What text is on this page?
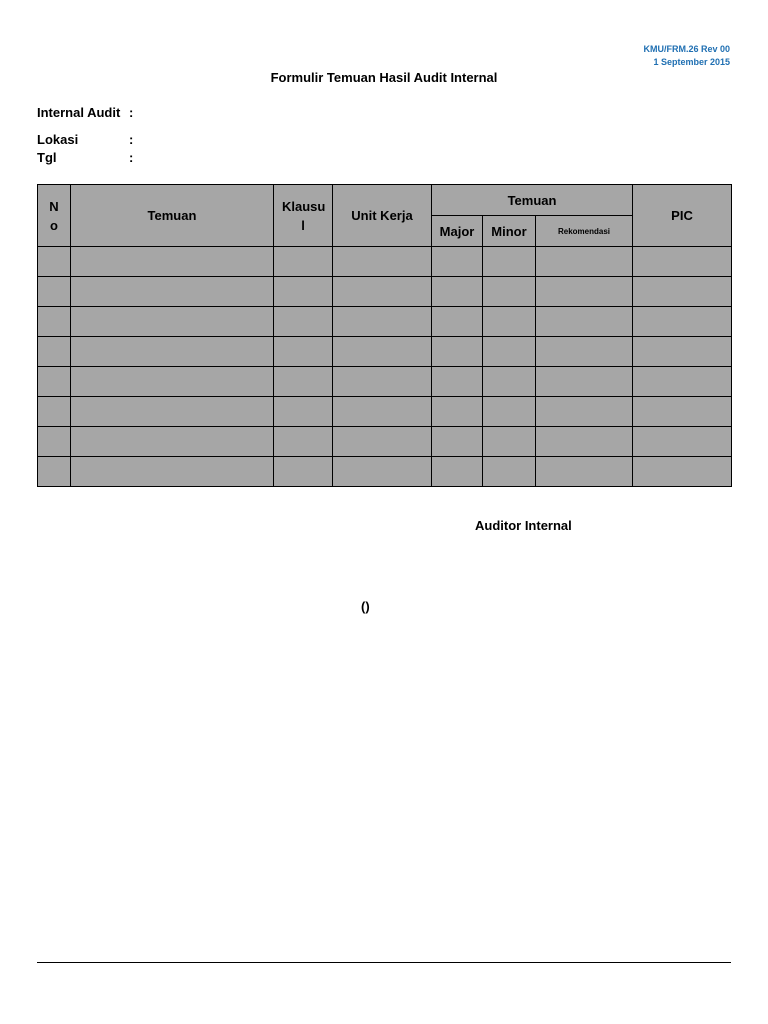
KMU/FRM.26 Rev 00
1 September 2015
Formulir Temuan Hasil Audit Internal
Internal Audit :
Lokasi	:
Tgl	:
N o	Temuan	Klausu l	Unit Kerja	Temuan			PIC
				Major	Minor	Rekomendasi	

Auditor Internal
()
